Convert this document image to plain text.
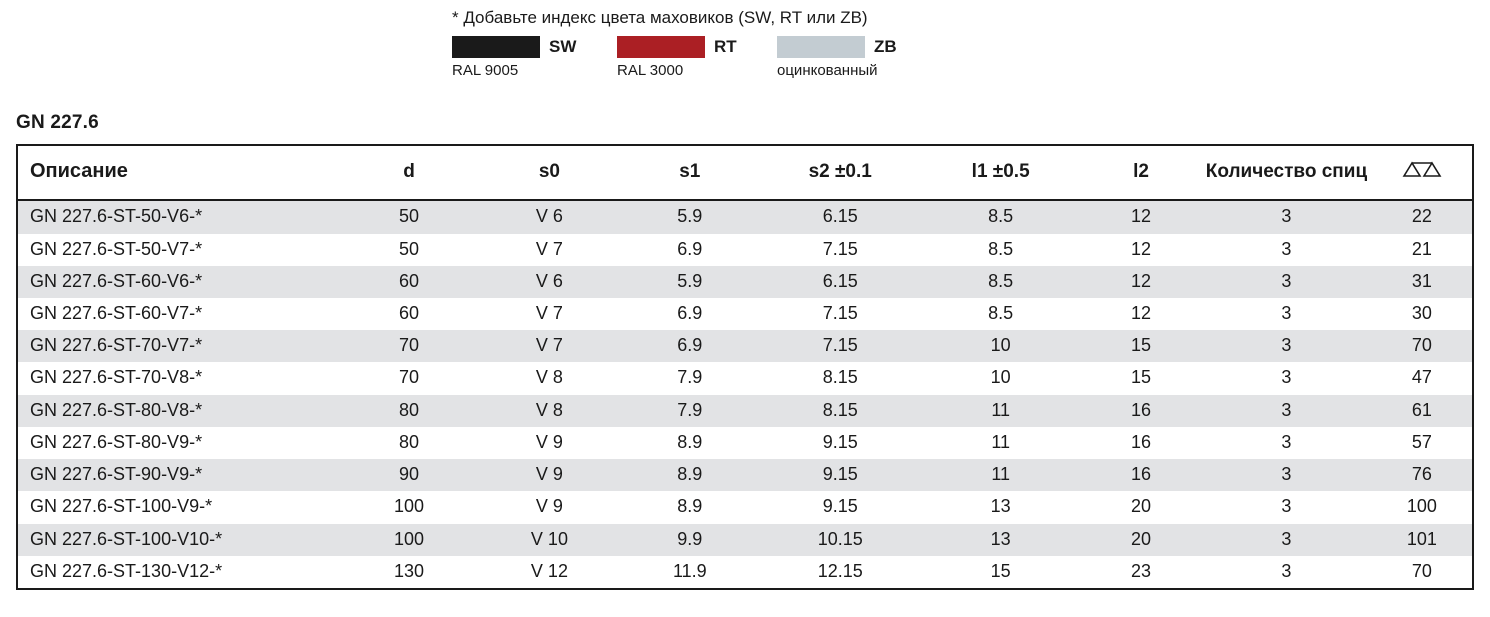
* Добавьте индекс цвета маховиков (SW, RT или ZB)
SW
RAL 9005
RT
RAL 3000
ZB
оцинкованный
GN 227.6
Описание	d	s0	s1	s2 ±0.1	l1 ±0.5	l2	Количество спиц	
GN 227.6-ST-50-V6-*	50	V 6	5.9	6.15	8.5	12	3	22
GN 227.6-ST-50-V7-*	50	V 7	6.9	7.15	8.5	12	3	21
GN 227.6-ST-60-V6-*	60	V 6	5.9	6.15	8.5	12	3	31
GN 227.6-ST-60-V7-*	60	V 7	6.9	7.15	8.5	12	3	30
GN 227.6-ST-70-V7-*	70	V 7	6.9	7.15	10	15	3	70
GN 227.6-ST-70-V8-*	70	V 8	7.9	8.15	10	15	3	47
GN 227.6-ST-80-V8-*	80	V 8	7.9	8.15	11	16	3	61
GN 227.6-ST-80-V9-*	80	V 9	8.9	9.15	11	16	3	57
GN 227.6-ST-90-V9-*	90	V 9	8.9	9.15	11	16	3	76
GN 227.6-ST-100-V9-*	100	V 9	8.9	9.15	13	20	3	100
GN 227.6-ST-100-V10-*	100	V 10	9.9	10.15	13	20	3	101
GN 227.6-ST-130-V12-*	130	V 12	11.9	12.15	15	23	3	70
